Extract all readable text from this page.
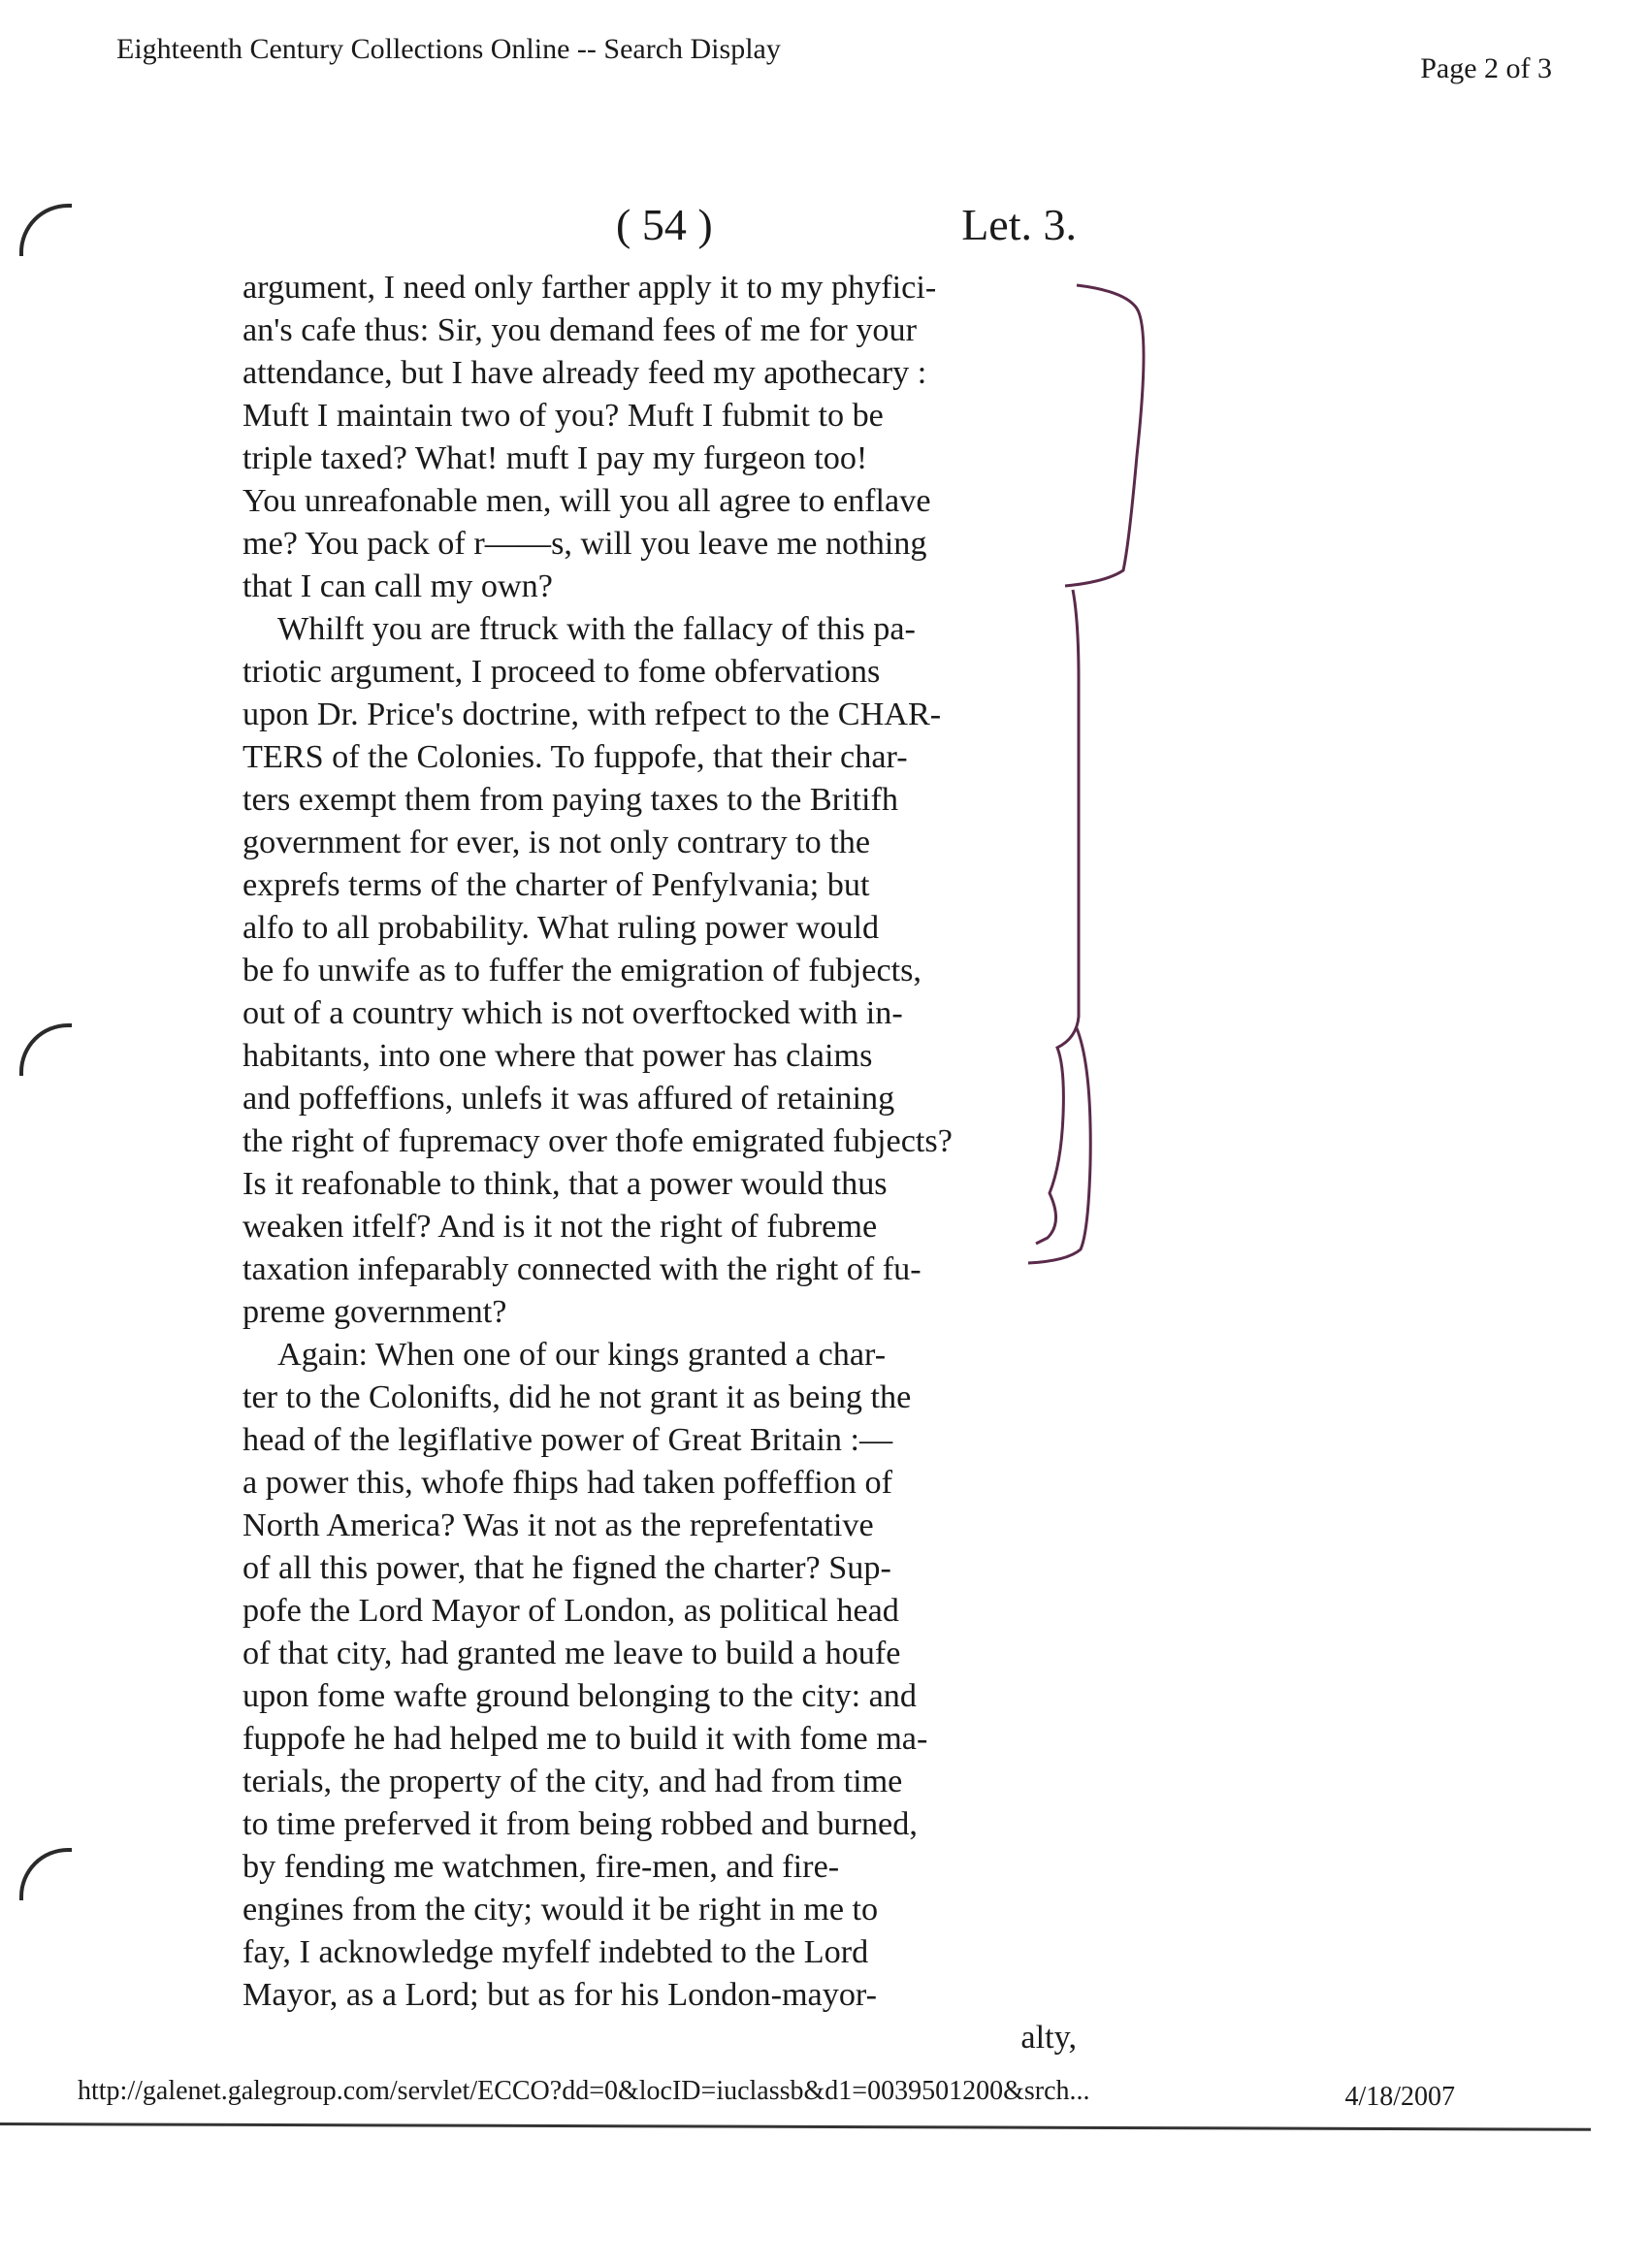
Eighteenth Century Collections Online -- Search Display
Page 2 of 3
( 54 )	Let. 3.
argument, I need only farther apply it to my phyfici-
an's cafe thus: Sir, you demand fees of me for your
attendance, but I have already feed my apothecary :
Muft I maintain two of you? Muft I fubmit to be
triple taxed? What! muft I pay my furgeon too!
You unreafonable men, will you all agree to enflave
me? You pack of r——s, will you leave me nothing
that I can call my own?
Whilft you are ftruck with the fallacy of this pa-
triotic argument, I proceed to fome obfervations
upon Dr. Price's doctrine, with refpect to the CHAR-
TERS of the Colonies. To fuppofe, that their char-
ters exempt them from paying taxes to the Britifh
government for ever, is not only contrary to the
exprefs terms of the charter of Penfylvania; but
alfo to all probability. What ruling power would
be fo unwife as to fuffer the emigration of fubjects,
out of a country which is not overftocked with in-
habitants, into one where that power has claims
and poffeffions, unlefs it was affured of retaining
the right of fupremacy over thofe emigrated fubjects?
Is it reafonable to think, that a power would thus
weaken itfelf? And is it not the right of fubreme
taxation infeparably connected with the right of fu-
preme government?
Again: When one of our kings granted a char-
ter to the Colonifts, did he not grant it as being the
head of the legiflative power of Great Britain :—
a power this, whofe fhips had taken poffeffion of
North America? Was it not as the reprefentative
of all this power, that he figned the charter? Sup-
pofe the Lord Mayor of London, as political head
of that city, had granted me leave to build a houfe
upon fome wafte ground belonging to the city: and
fuppofe he had helped me to build it with fome ma-
terials, the property of the city, and had from time
to time preferved it from being robbed and burned,
by fending me watchmen, fire-men, and fire-
engines from the city; would it be right in me to
fay, I acknowledge myfelf indebted to the Lord
Mayor, as a Lord; but as for his London-mayor-
alty,
http://galenet.galegroup.com/servlet/ECCO?dd=0&locID=iuclassb&d1=0039501200&srch...	4/18/2007
